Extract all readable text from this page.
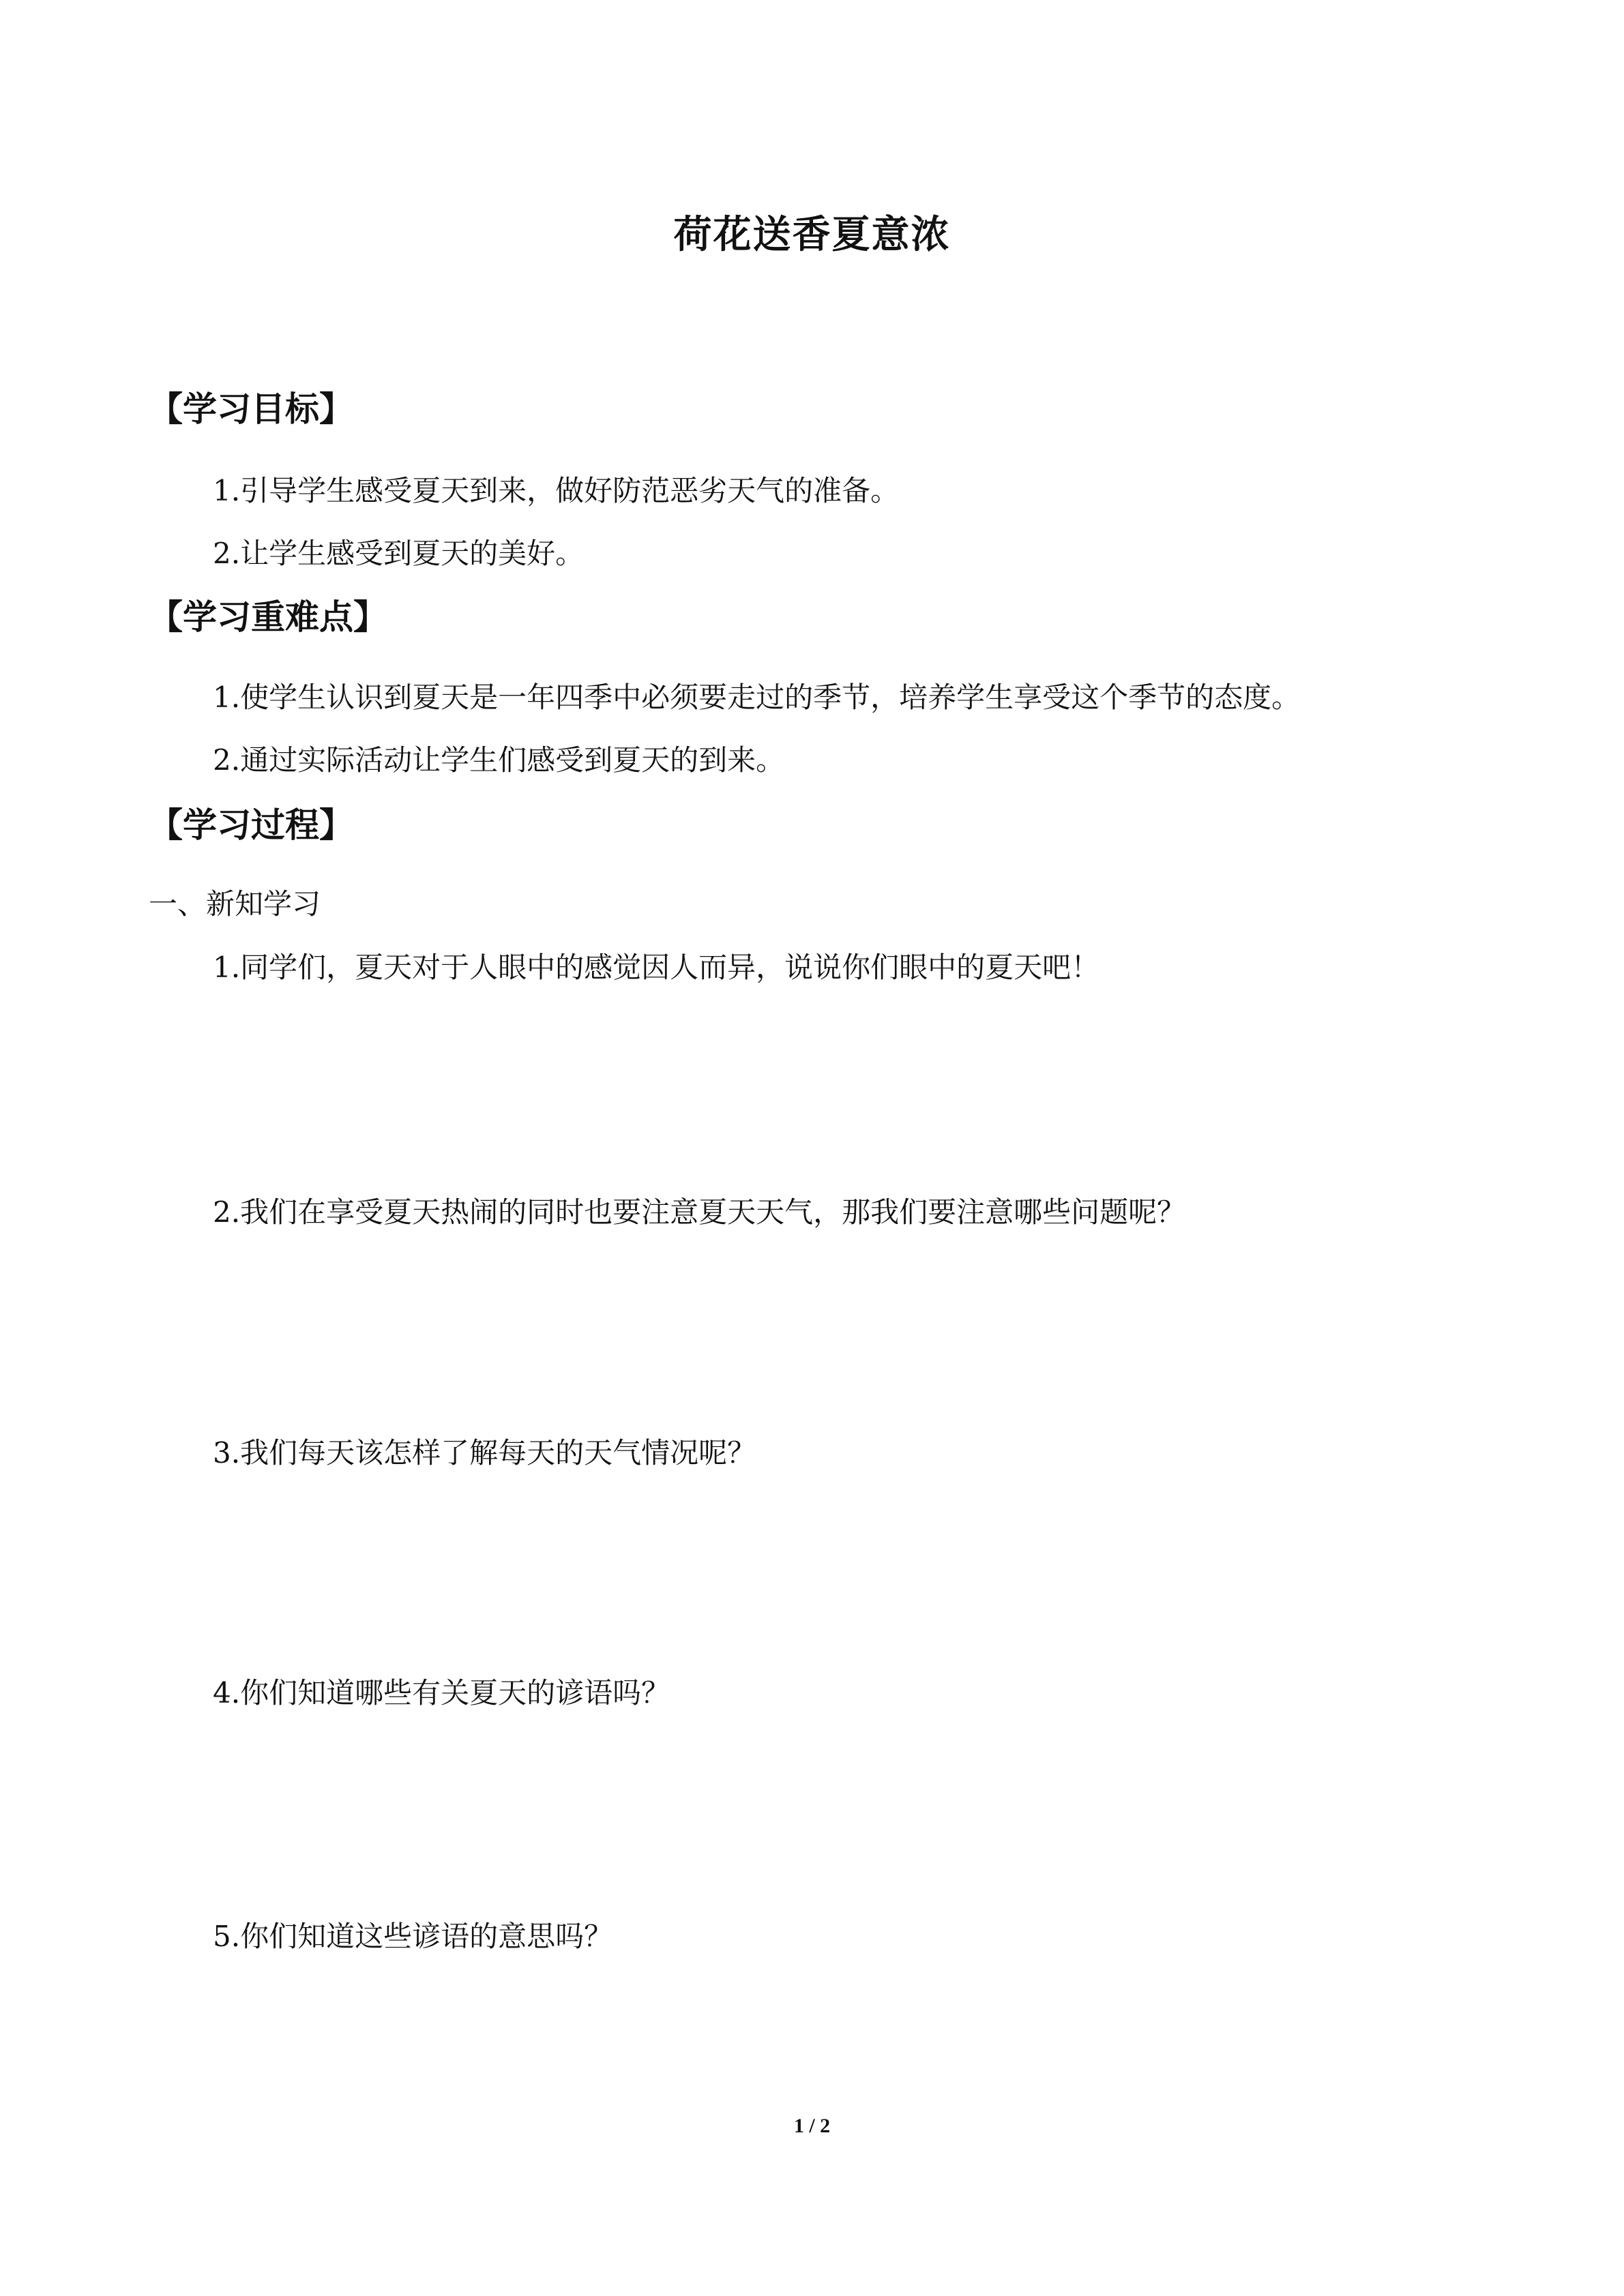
荷花送香夏意浓
【学习目标】
1.引导学生感受夏天到来，做好防范恶劣天气的准备。
2.让学生感受到夏天的美好。
【学习重难点】
1.使学生认识到夏天是一年四季中必须要走过的季节，培养学生享受这个季节的态度。
2.通过实际活动让学生们感受到夏天的到来。
【学习过程】
一、新知学习
1.同学们，夏天对于人眼中的感觉因人而异，说说你们眼中的夏天吧！
2.我们在享受夏天热闹的同时也要注意夏天天气，那我们要注意哪些问题呢？
3.我们每天该怎样了解每天的天气情况呢？
4.你们知道哪些有关夏天的谚语吗？
5.你们知道这些谚语的意思吗？
1 / 2
